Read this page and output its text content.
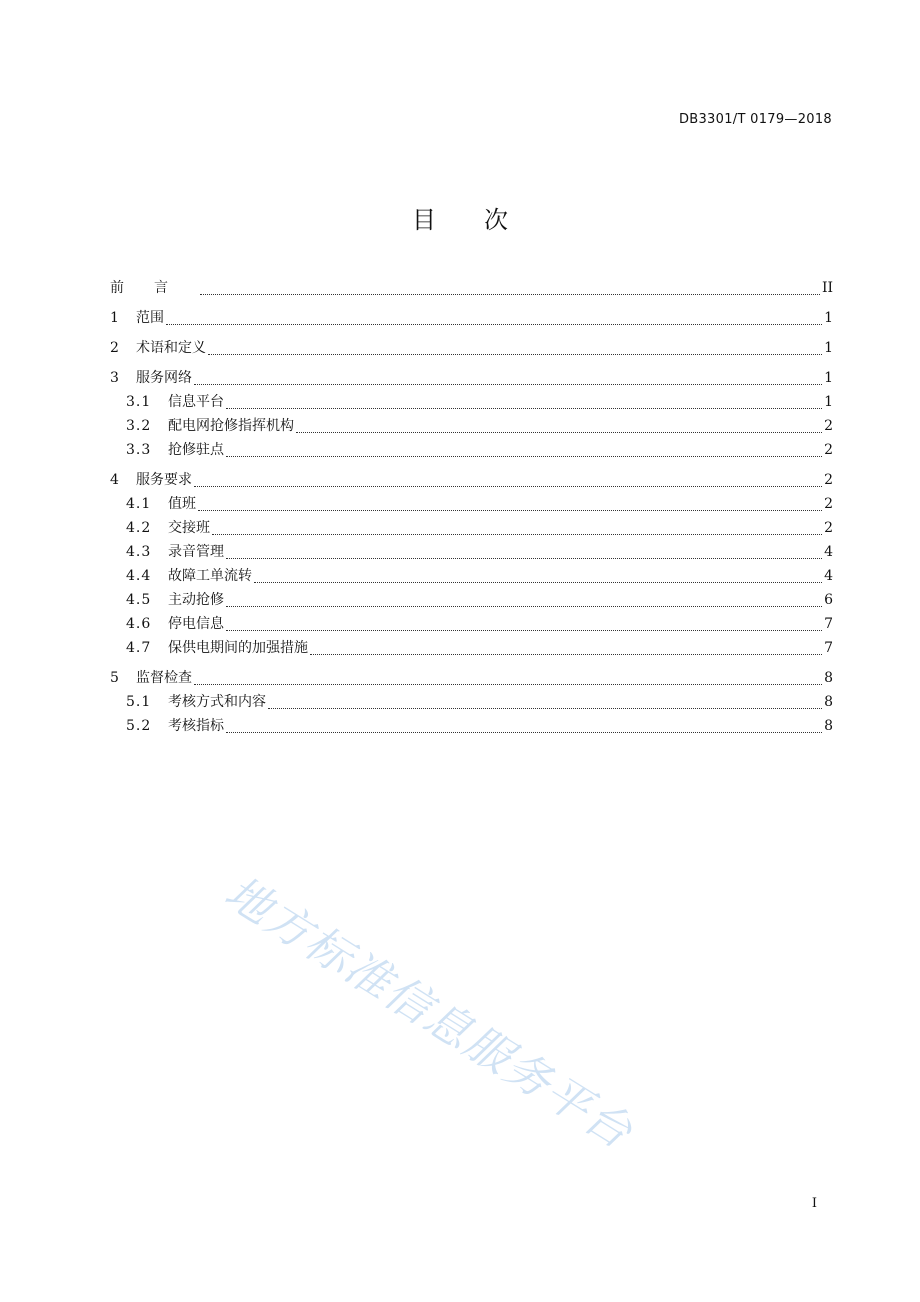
DB3301/T 0179—2018
目次
前言	II
1	范围	1
2	术语和定义	1
3	服务网络	1
3.1	信息平台	1
3.2	配电网抢修指挥机构	2
3.3	抢修驻点	2
4	服务要求	2
4.1	值班	2
4.2	交接班	2
4.3	录音管理	4
4.4	故障工单流转	4
4.5	主动抢修	6
4.6	停电信息	7
4.7	保供电期间的加强措施	7
5	监督检查	8
5.1	考核方式和内容	8
5.2	考核指标	8
地方标准信息服务平台
I
